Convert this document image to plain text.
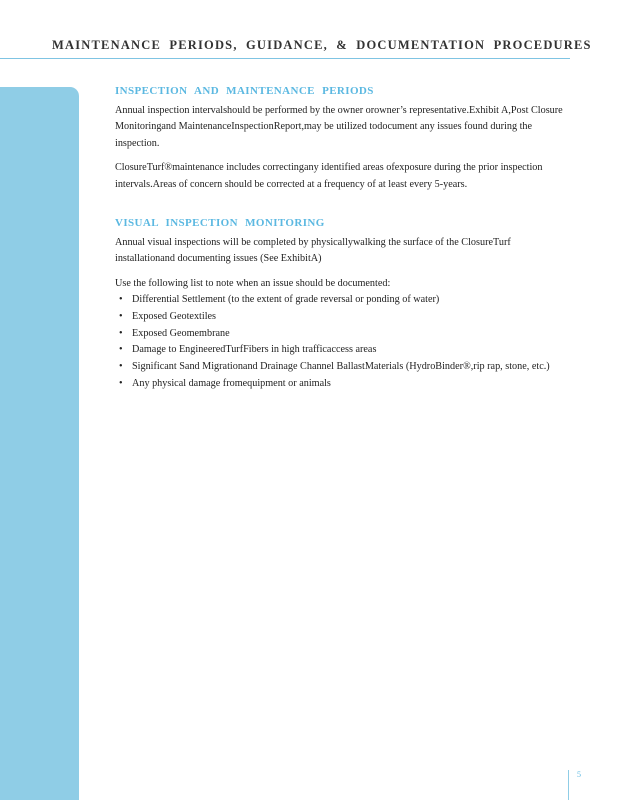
MAINTENANCE PERIODS, GUIDANCE, & DOCUMENTATION PROCEDURES
INSPECTION AND MAINTENANCE PERIODS

Annual inspection intervalshould be performed by the owner orowner’s representative.Exhibit A,Post Closure Monitoringand MaintenanceInspectionReport,may be utilized todocument any issues found during the inspection.

ClosureTurf®maintenance includes correctingany identified areas ofexposure during the prior inspection intervals.Areas of concern should be corrected at a frequency of at least every 5-years.

VISUAL INSPECTION MONITORING

Annual visual inspections will be completed by physicallywalking the surface of the ClosureTurf installationand documenting issues (See ExhibitA)

Use the following list to note when an issue should be documented:

• Differential Settlement (to the extent of grade reversal or ponding of water)
• Exposed Geotextiles
• Exposed Geomembrane
• Damage to EngineeredTurfFibers in high trafficaccess areas
• Significant Sand Migrationand Drainage Channel BallastMaterials (HydroBinder®,rip rap, stone, etc.)
• Any physical damage fromequipment or animals
5
